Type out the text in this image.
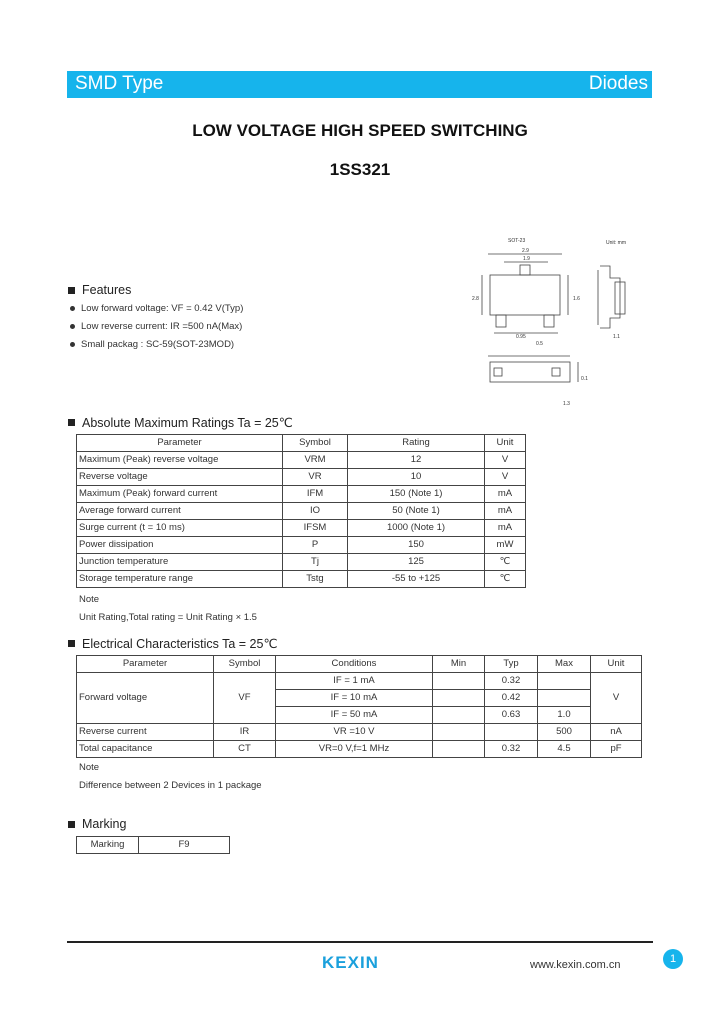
SMD Type	Diodes
LOW VOLTAGE HIGH SPEED SWITCHING
1SS321
Features
Low forward voltage: VF = 0.42 V(Typ)
Low reverse current: IR =500 nA(Max)
Small packag : SC-59(SOT-23MOD)
SOT-23	Unit: mm
2.9
1.9
2.8	1.6
0.95	1.1
0.1
1.3
0.5
Absolute Maximum Ratings Ta = 25℃
Parameter	Symbol	Rating	Unit
Maximum (Peak) reverse voltage	VRM	12	V
Reverse voltage	VR	10	V
Maximum (Peak) forward current	IFM	150 (Note 1)	mA
Average forward current	IO	50 (Note 1)	mA
Surge current (t = 10 ms)	IFSM	1000 (Note 1)	mA
Power dissipation	P	150	mW
Junction temperature	Tj	125	℃
Storage temperature range	Tstg	-55 to +125	℃
Note
Unit Rating,Total rating = Unit Rating × 1.5
Electrical Characteristics Ta = 25℃
Parameter	Symbol	Conditions	Min	Typ	Max	Unit
Forward voltage	VF	IF = 1 mA		0.32		V
		IF = 10 mA		0.42		
		IF = 50 mA		0.63	1.0	
Reverse current	IR	VR =10 V			500	nA
Total capacitance	CT	VR=0 V,f=1 MHz		0.32	4.5	pF
Note
Difference between 2 Devices in 1 package
Marking
Marking	F9
KEXIN	www.kexin.com.cn	1
